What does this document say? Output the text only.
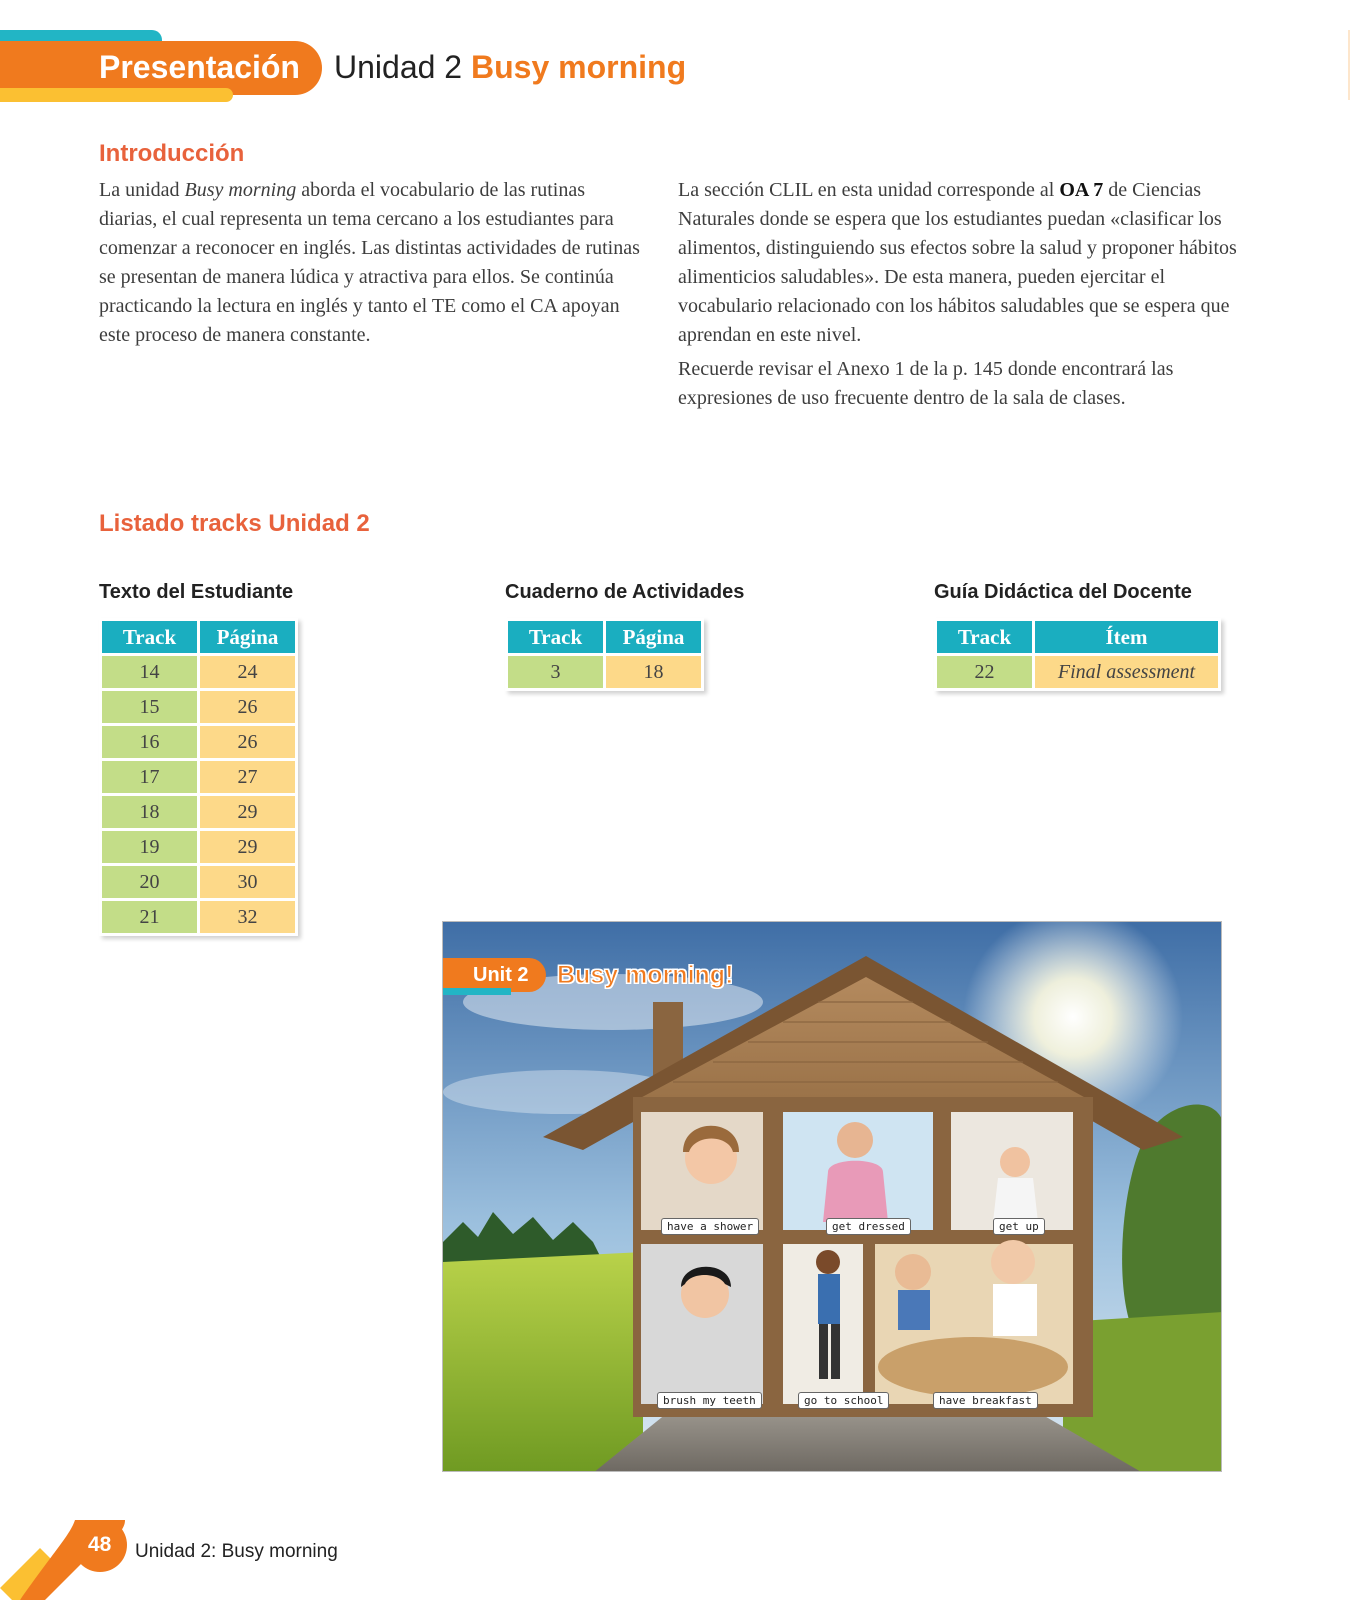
Presentación Unidad 2 Busy morning
Introducción

La unidad Busy morning aborda el vocabulario de las rutinas diarias, el cual representa un tema cercano a los estudiantes para comenzar a reconocer en inglés. Las distintas actividades de rutinas se presentan de manera lúdica y atractiva para ellos. Se continúa practicando la lectura en inglés y tanto el TE como el CA apoyan este proceso de manera constante.

La sección CLIL en esta unidad corresponde al OA 7 de Ciencias Naturales donde se espera que los estudiantes puedan «clasificar los alimentos, distinguiendo sus efectos sobre la salud y proponer hábitos alimenticios saludables». De esta manera, pueden ejercitar el vocabulario relacionado con los hábitos saludables que se espera que aprendan en este nivel.

Recuerde revisar el Anexo 1 de la p. 145 donde encontrará las expresiones de uso frecuente dentro de la sala de clases.

Listado tracks Unidad 2
Texto del Estudiante
Track	Página
14	24
15	26
16	26
17	27
18	29
19	29
20	30
21	32
Cuaderno de Actividades
Track	Página
3	18
Guía Didáctica del Docente
Track	Ítem
22	Final assessment
Unit 2 Busy morning!
have a shower	get dressed	get up
brush my teeth	go to school	have breakfast
48 Unidad 2: Busy morning
